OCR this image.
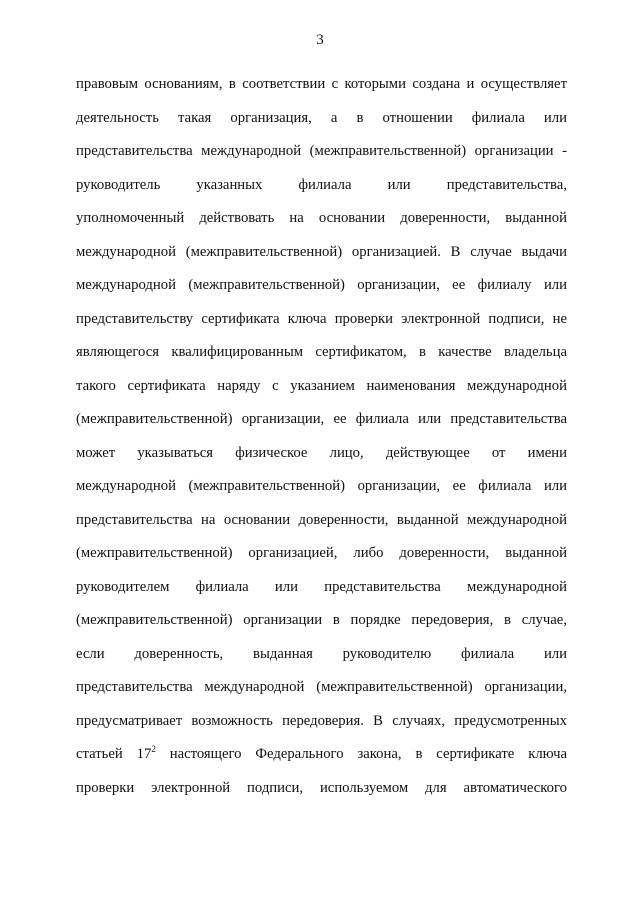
3
правовым основаниям, в соответствии с которыми создана и осуществляет
деятельность такая организация, а в отношении филиала или
представительства международной (межправительственной) организации -
руководитель указанных филиала или представительства,
уполномоченный действовать на основании доверенности, выданной
международной (межправительственной) организацией. В случае выдачи
международной (межправительственной) организации, ее филиалу или
представительству сертификата ключа проверки электронной подписи, не
являющегося квалифицированным сертификатом, в качестве владельца
такого сертификата наряду с указанием наименования международной
(межправительственной) организации, ее филиала или представительства
может указываться физическое лицо, действующее от имени
международной (межправительственной) организации, ее филиала или
представительства на основании доверенности, выданной международной
(межправительственной) организацией, либо доверенности, выданной
руководителем филиала или представительства международной
(межправительственной) организации в порядке передоверия, в случае,
если доверенность, выданная руководителю филиала или
представительства международной (межправительственной) организации,
предусматривает возможность передоверия. В случаях, предусмотренных
статьей $17^2$ настоящего Федерального закона, в сертификате ключа
проверки электронной подписи, используемом для автоматического
